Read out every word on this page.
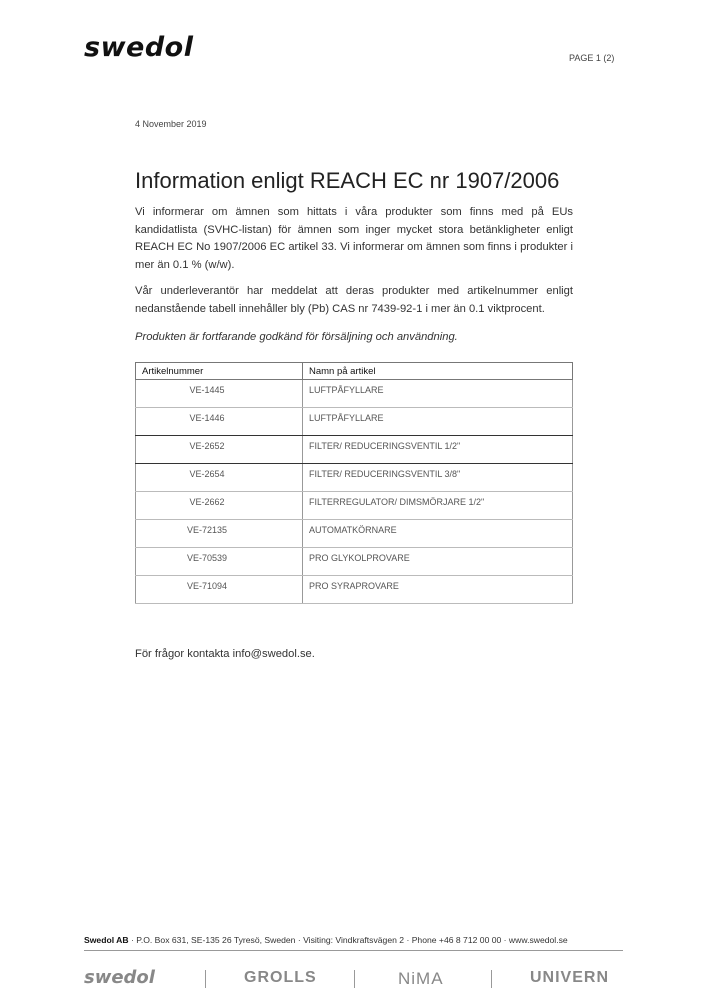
swedol	PAGE 1 (2)
4 November 2019
Information enligt REACH EC nr 1907/2006

Vi informerar om ämnen som hittats i våra produkter som finns med på EUs kandidatlista (SVHC-listan) för ämnen som inger mycket stora betänkligheter enligt REACH EC No 1907/2006 EC artikel 33. Vi informerar om ämnen som finns i produkter i mer än 0.1 % (w/w).

Vår underleverantör har meddelat att deras produkter med artikelnummer enligt nedanstående tabell innehåller bly (Pb) CAS nr 7439-92-1 i mer än 0.1 viktprocent.

Produkten är fortfarande godkänd för försäljning och användning.

Artikelnummer	Namn på artikel
VE-1445	LUFTPÅFYLLARE
VE-1446	LUFTPÅFYLLARE
VE-2652	FILTER/ REDUCERINGSVENTIL 1/2"
VE-2654	FILTER/ REDUCERINGSVENTIL 3/8"
VE-2662	FILTERREGULATOR/ DIMSMÖRJARE 1/2"
VE-72135	AUTOMATKÖRNARE
VE-70539	PRO GLYKOLPROVARE
VE-71094	PRO SYRAPROVARE

För frågor kontakta info@swedol.se.

Swedol AB · P.O. Box 631, SE-135 26 Tyresö, Sweden · Visiting: Vindkraftsvägen 2 · Phone +46 8 712 00 00 · www.swedol.se
swedol	GROLLS	NiMA	UNIVERN
